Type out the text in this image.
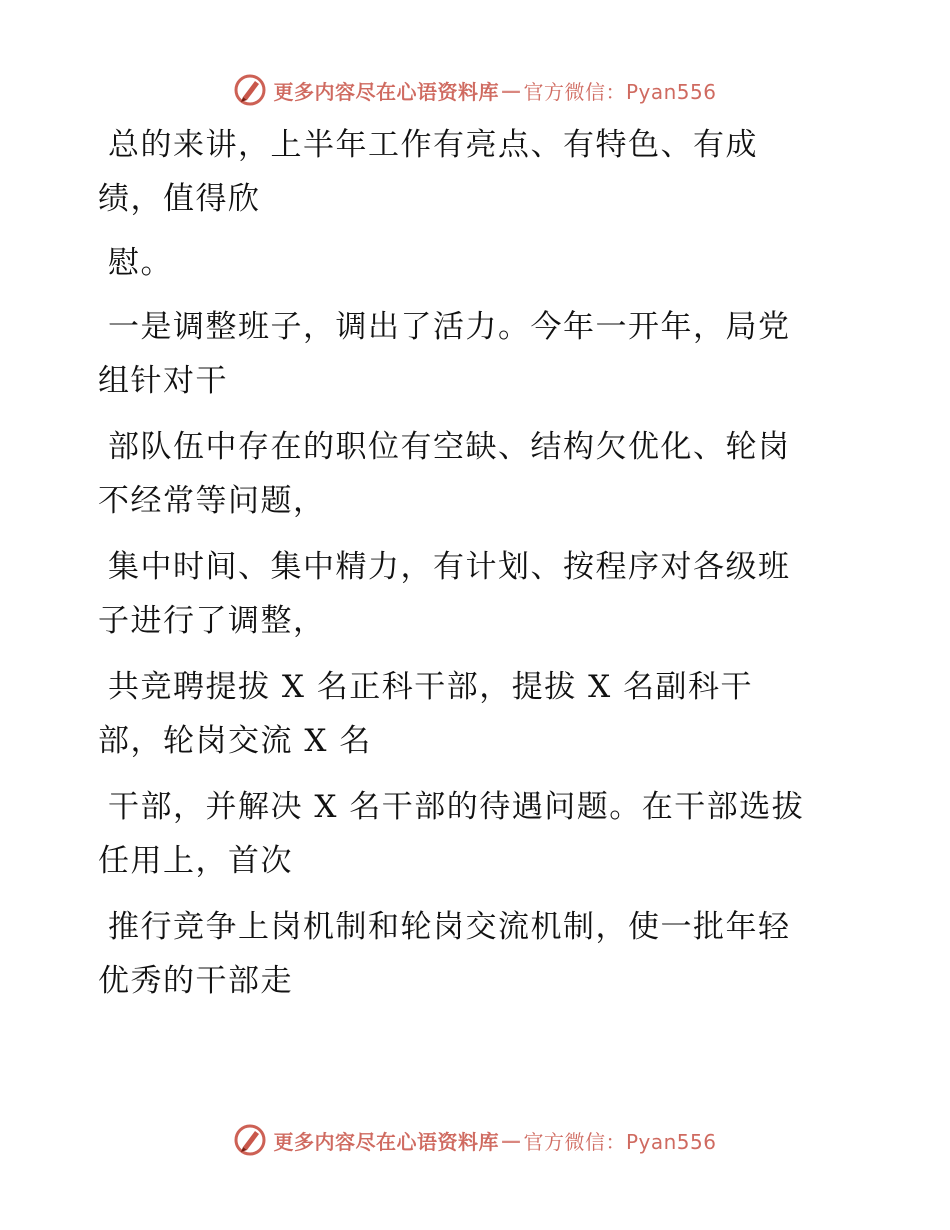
更多内容尽在心语资料库 — 官方微信：Pyan556
总的来讲，上半年工作有亮点、有特色、有成
绩，值得欣
慰。
一是调整班子，调出了活力。今年一开年，局党
组针对干
部队伍中存在的职位有空缺、结构欠优化、轮岗
不经常等问题，
集中时间、集中精力，有计划、按程序对各级班
子进行了调整，
共竞聘提拔 X 名正科干部，提拔 X 名副科干
部，轮岗交流 X 名
干部，并解决 X 名干部的待遇问题。在干部选拔
任用上，首次
推行竞争上岗机制和轮岗交流机制，使一批年轻
优秀的干部走
更多内容尽在心语资料库 — 官方微信：Pyan556
